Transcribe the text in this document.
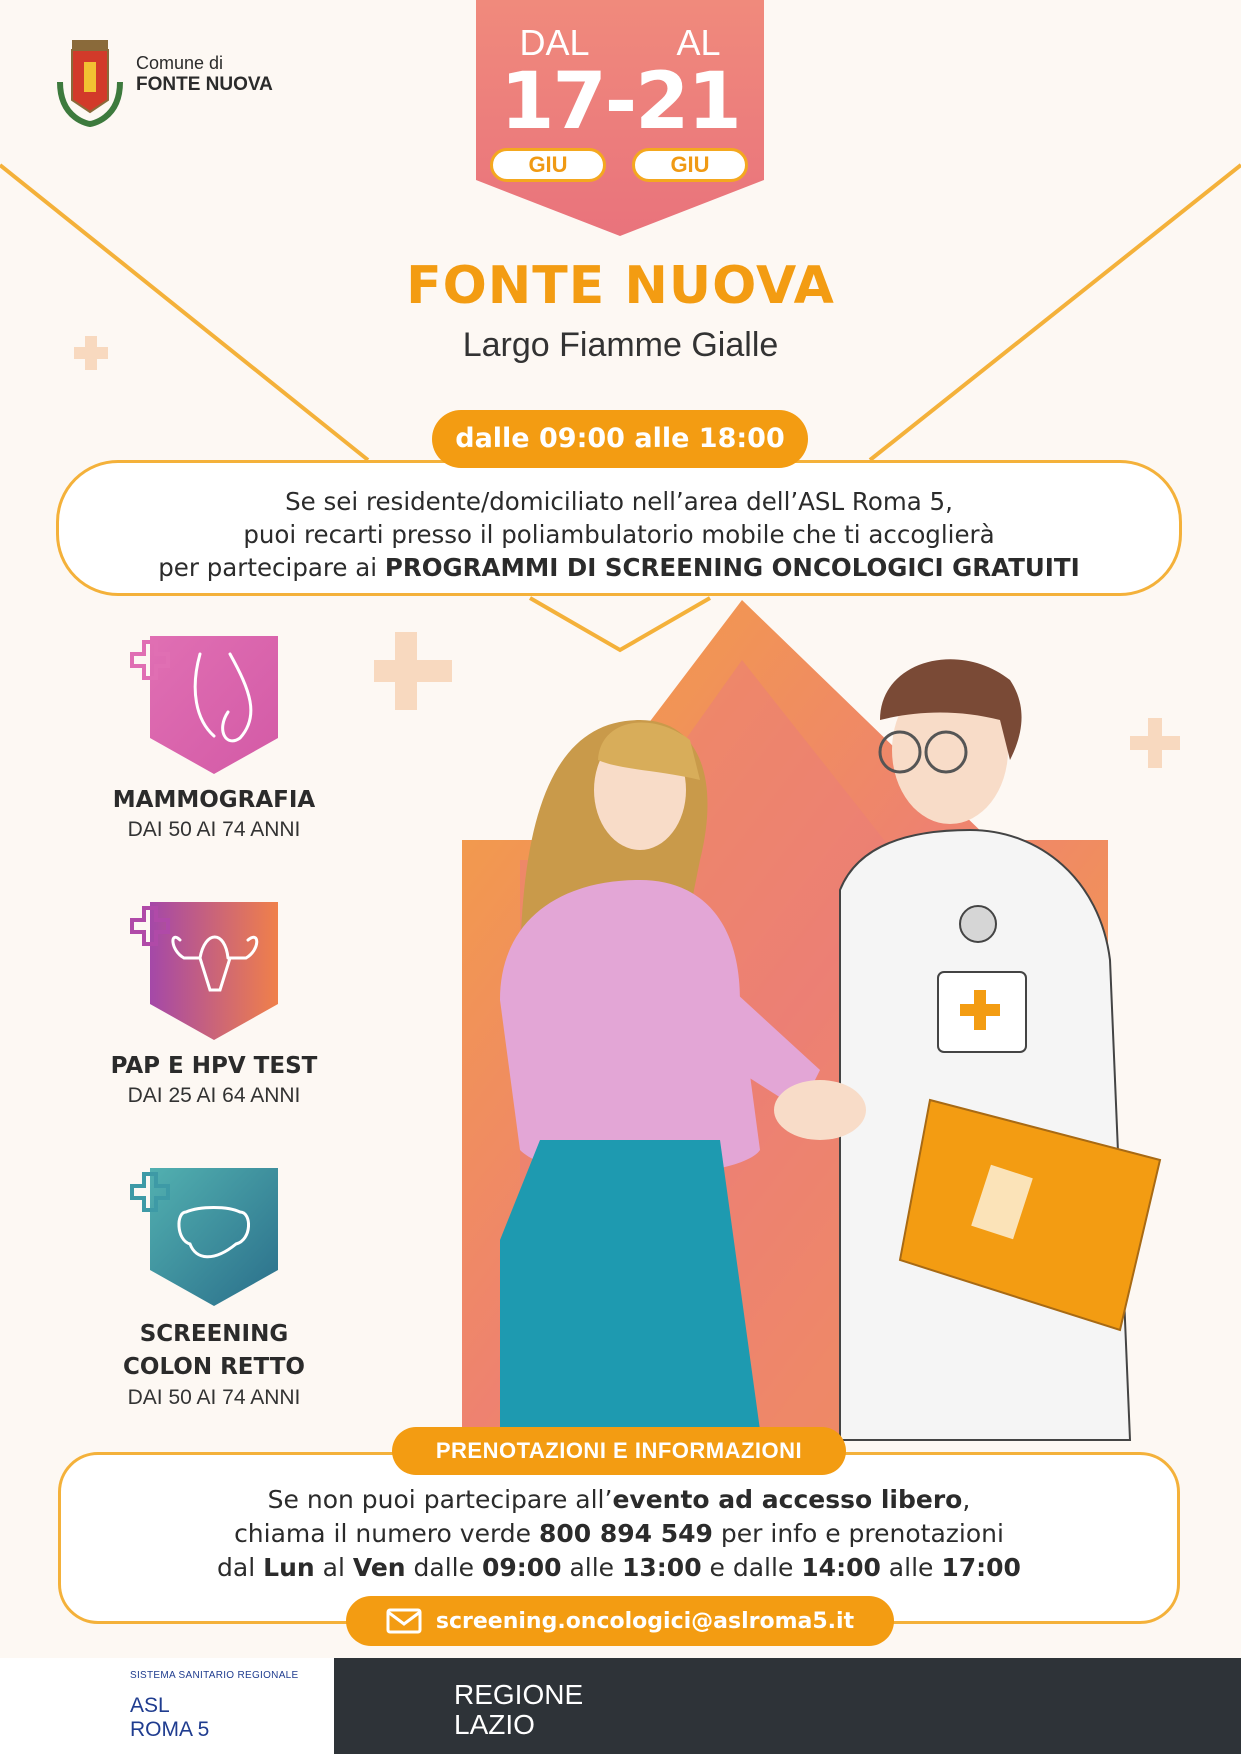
Comune di
FONTE NUOVA
DAL AL
17-21
GIU	GIU
FONTE NUOVA
Largo Fiamme Gialle
Se sei residente/domiciliato nell’area dell’ASL Roma 5,
puoi recarti presso il poliambulatorio mobile che ti accoglierà
per partecipare ai PROGRAMMI DI SCREENING ONCOLOGICI GRATUITI
dalle 09:00 alle 18:00
MAMMOGRAFIA
DAI 50 AI 74 ANNI
PAP E HPV TEST
DAI 25 AI 64 ANNI
SCREENING
COLON RETTO
DAI 50 AI 74 ANNI
Se non puoi partecipare all’evento ad accesso libero,
chiama il numero verde 800 894 549 per info e prenotazioni
dal Lun al Ven dalle 09:00 alle 13:00 e dalle 14:00 alle 17:00
PRENOTAZIONI E INFORMAZIONI
screening.oncologici@aslroma5.it
SISTEMA SANITARIO REGIONALE
ASL
ROMA 5
REGIONE
LAZIO
